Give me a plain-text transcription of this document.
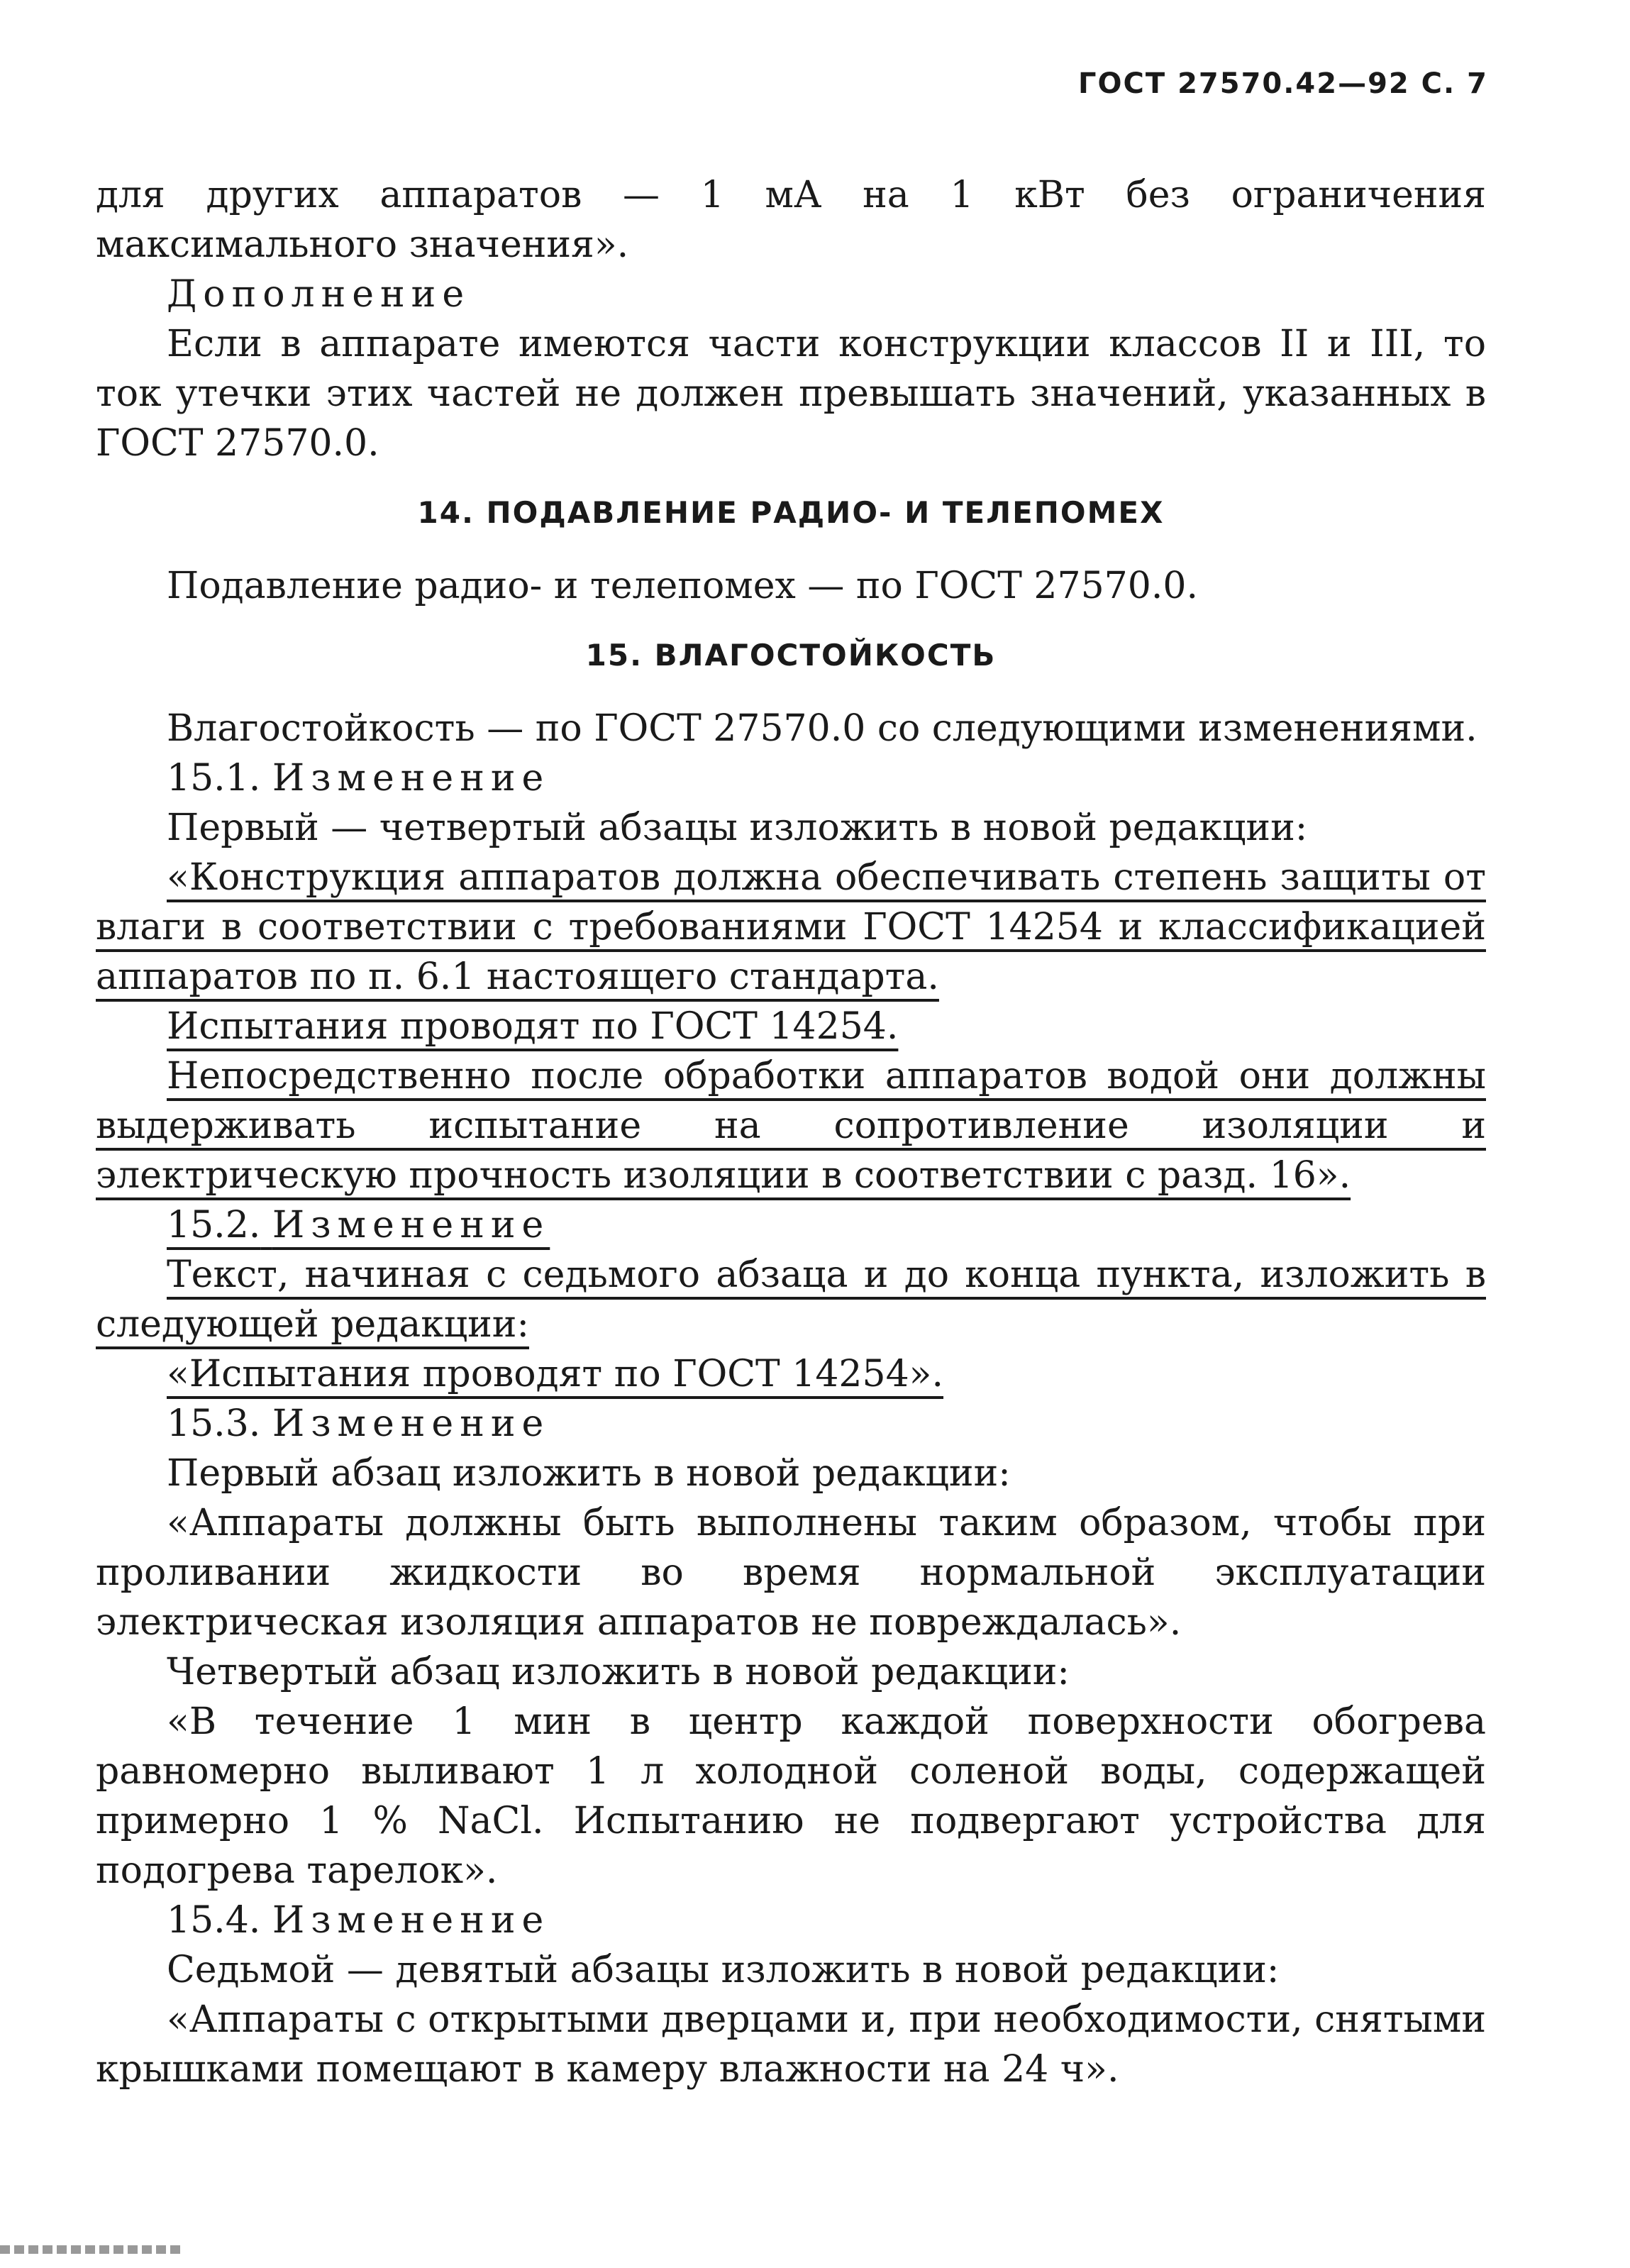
ГОСТ 27570.42—92 С. 7

для других аппаратов — 1 мА на 1 кВт без ограничения максимального значения».

Дополнение

Если в аппарате имеются части конструкции классов II и III, то ток утечки этих частей не должен превышать значений, указанных в ГОСТ 27570.0.

14. ПОДАВЛЕНИЕ РАДИО- И ТЕЛЕПОМЕХ

Подавление радио- и телепомех — по ГОСТ 27570.0.

15. ВЛАГОСТОЙКОСТЬ

Влагостойкость — по ГОСТ 27570.0 со следующими изменениями.

15.1. Изменение

Первый — четвертый абзацы изложить в новой редакции:

«Конструкция аппаратов должна обеспечивать степень защиты от влаги в соответствии с требованиями ГОСТ 14254 и классификацией аппаратов по п. 6.1 настоящего стандарта.

Испытания проводят по ГОСТ 14254.

Непосредственно после обработки аппаратов водой они должны выдерживать испытание на сопротивление изоляции и электрическую прочность изоляции в соответствии с разд. 16».

15.2. Изменение

Текст, начиная с седьмого абзаца и до конца пункта, изложить в следующей редакции:

«Испытания проводят по ГОСТ 14254».

15.3. Изменение

Первый абзац изложить в новой редакции:

«Аппараты должны быть выполнены таким образом, чтобы при проливании жидкости во время нормальной эксплуатации электрическая изоляция аппаратов не повреждалась».

Четвертый абзац изложить в новой редакции:

«В течение 1 мин в центр каждой поверхности обогрева равномерно выливают 1 л холодной соленой воды, содержащей примерно 1 % NaCl. Испытанию не подвергают устройства для подогрева тарелок».

15.4. Изменение

Седьмой — девятый абзацы изложить в новой редакции:

«Аппараты с открытыми дверцами и, при необходимости, снятыми крышками помещают в камеру влажности на 24 ч».
